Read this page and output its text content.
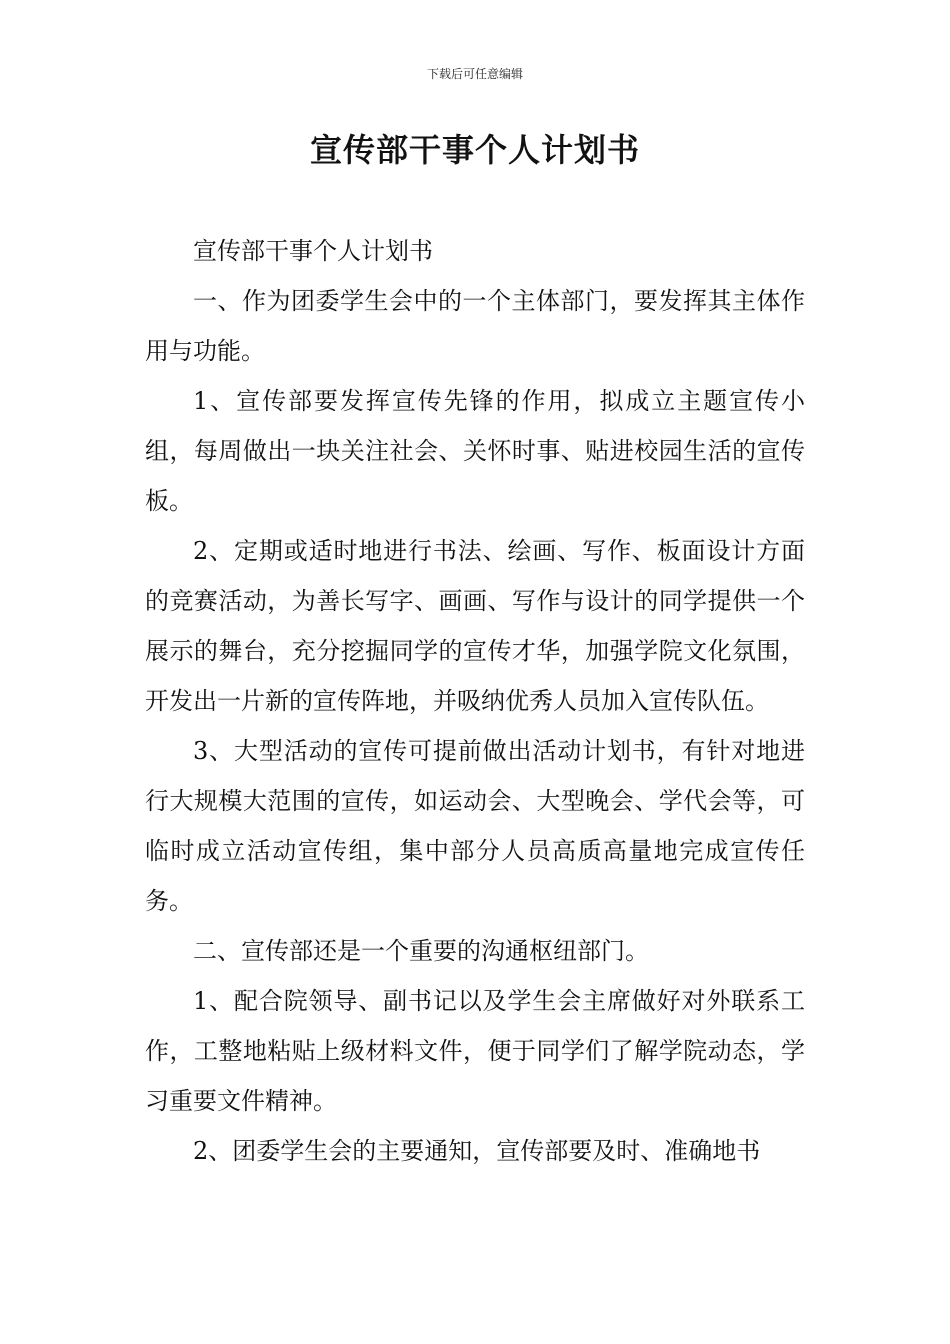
下载后可任意编辑
宣传部干事个人计划书

宣传部干事个人计划书

一、作为团委学生会中的一个主体部门，要发挥其主体作用与功能。

1、宣传部要发挥宣传先锋的作用，拟成立主题宣传小组，每周做出一块关注社会、关怀时事、贴进校园生活的宣传板。

2、定期或适时地进行书法、绘画、写作、板面设计方面的竞赛活动，为善长写字、画画、写作与设计的同学提供一个展示的舞台，充分挖掘同学的宣传才华，加强学院文化氛围，开发出一片新的宣传阵地，并吸纳优秀人员加入宣传队伍。

3、大型活动的宣传可提前做出活动计划书，有针对地进行大规模大范围的宣传，如运动会、大型晚会、学代会等，可临时成立活动宣传组，集中部分人员高质高量地完成宣传任务。

二、宣传部还是一个重要的沟通枢纽部门。

1、配合院领导、副书记以及学生会主席做好对外联系工作，工整地粘贴上级材料文件，便于同学们了解学院动态，学习重要文件精神。

2、团委学生会的主要通知，宣传部要及时、准确地书
